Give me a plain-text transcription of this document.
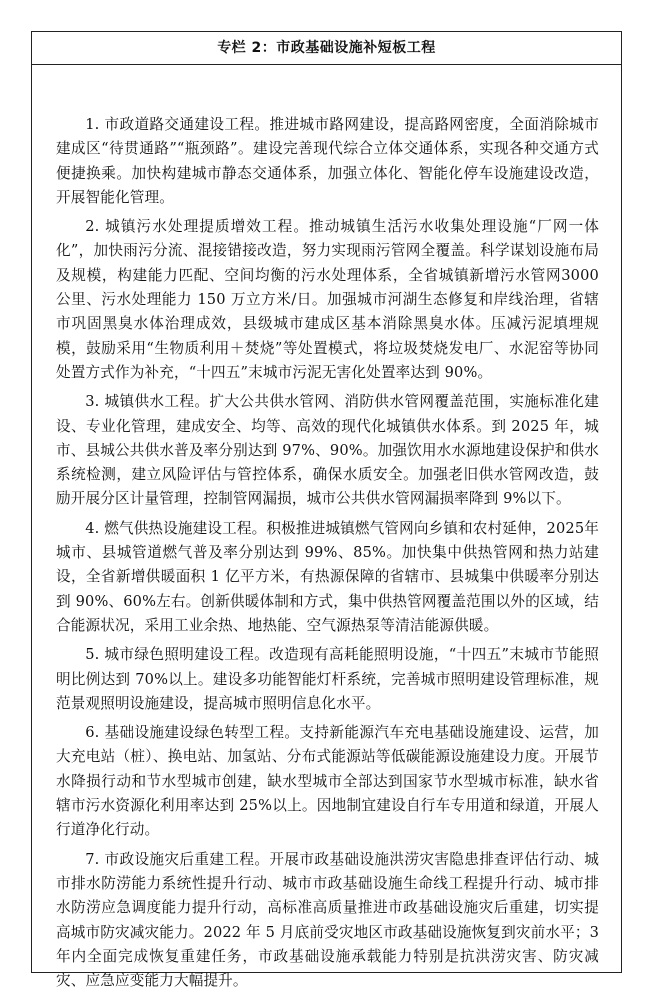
专栏 2：市政基础设施补短板工程

1. 市政道路交通建设工程。推进城市路网建设，提高路网密度，全面消除城市建成区“待贯通路”“瓶颈路”。建设完善现代综合立体交通体系，实现各种交通方式便捷换乘。加快构建城市静态交通体系，加强立体化、智能化停车设施建设改造，开展智能化管理。

2. 城镇污水处理提质增效工程。推动城镇生活污水收集处理设施“厂网一体化”，加快雨污分流、混接错接改造，努力实现雨污管网全覆盖。科学谋划设施布局及规模，构建能力匹配、空间均衡的污水处理体系，全省城镇新增污水管网3000 公里、污水处理能力 150 万立方米/日。加强城市河湖生态修复和岸线治理，省辖市巩固黑臭水体治理成效，县级城市建成区基本消除黑臭水体。压减污泥填埋规模，鼓励采用“生物质利用＋焚烧”等处置模式，将垃圾焚烧发电厂、水泥窑等协同处置方式作为补充，“十四五”末城市污泥无害化处置率达到 90%。

3. 城镇供水工程。扩大公共供水管网、消防供水管网覆盖范围，实施标准化建设、专业化管理，建成安全、均等、高效的现代化城镇供水体系。到 2025 年，城市、县城公共供水普及率分别达到 97%、90%。加强饮用水水源地建设保护和供水系统检测，建立风险评估与管控体系，确保水质安全。加强老旧供水管网改造，鼓励开展分区计量管理，控制管网漏损，城市公共供水管网漏损率降到 9%以下。

4. 燃气供热设施建设工程。积极推进城镇燃气管网向乡镇和农村延伸，2025年城市、县城管道燃气普及率分别达到 99%、85%。加快集中供热管网和热力站建设，全省新增供暖面积 1 亿平方米，有热源保障的省辖市、县城集中供暖率分别达到 90%、60%左右。创新供暖体制和方式，集中供热管网覆盖范围以外的区域，结合能源状况，采用工业余热、地热能、空气源热泵等清洁能源供暖。

5. 城市绿色照明建设工程。改造现有高耗能照明设施，“十四五”末城市节能照明比例达到 70%以上。建设多功能智能灯杆系统，完善城市照明建设管理标准，规范景观照明设施建设，提高城市照明信息化水平。

6. 基础设施建设绿色转型工程。支持新能源汽车充电基础设施建设、运营，加大充电站（桩）、换电站、加氢站、分布式能源站等低碳能源设施建设力度。开展节水降损行动和节水型城市创建，缺水型城市全部达到国家节水型城市标准，缺水省辖市污水资源化利用率达到 25%以上。因地制宜建设自行车专用道和绿道，开展人行道净化行动。

7. 市政设施灾后重建工程。开展市政基础设施洪涝灾害隐患排查评估行动、城市排水防涝能力系统性提升行动、城市市政基础设施生命线工程提升行动、城市排水防涝应急调度能力提升行动，高标准高质量推进市政基础设施灾后重建，切实提高城市防灾减灾能力。2022 年 5 月底前受灾地区市政基础设施恢复到灾前水平；3 年内全面完成恢复重建任务，市政基础设施承载能力特别是抗洪涝灾害、防灾减灾、应急应变能力大幅提升。
